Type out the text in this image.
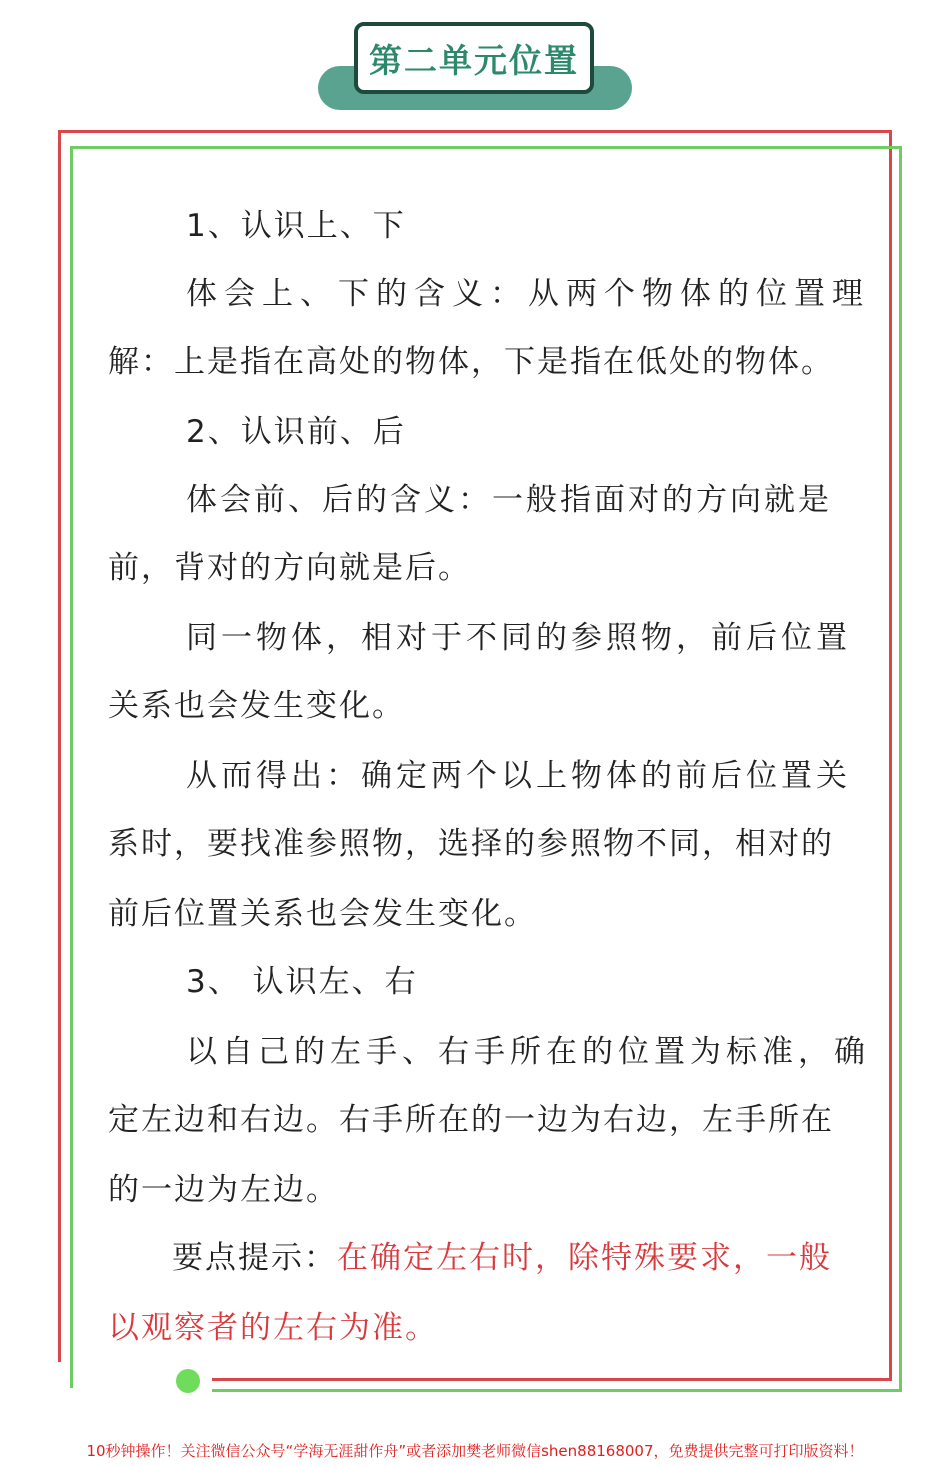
第二单元位置
1、认识上、下
体会上、下的含义：从两个物体的位置理
解：上是指在高处的物体，下是指在低处的物体。
2、认识前、后
体会前、后的含义：一般指面对的方向就是
前，背对的方向就是后。
同一物体，相对于不同的参照物，前后位置
关系也会发生变化。
从而得出：确定两个以上物体的前后位置关
系时，要找准参照物，选择的参照物不同，相对的
前后位置关系也会发生变化。
3、 认识左、右
以自己的左手、右手所在的位置为标准，确
定左边和右边。右手所在的一边为右边，左手所在
的一边为左边。
要点提示：在确定左右时，除特殊要求，一般
以观察者的左右为准。
10秒钟操作！关注微信公众号“学海无涯甜作舟”或者添加樊老师微信shen88168007，免费提供完整可打印版资料！
